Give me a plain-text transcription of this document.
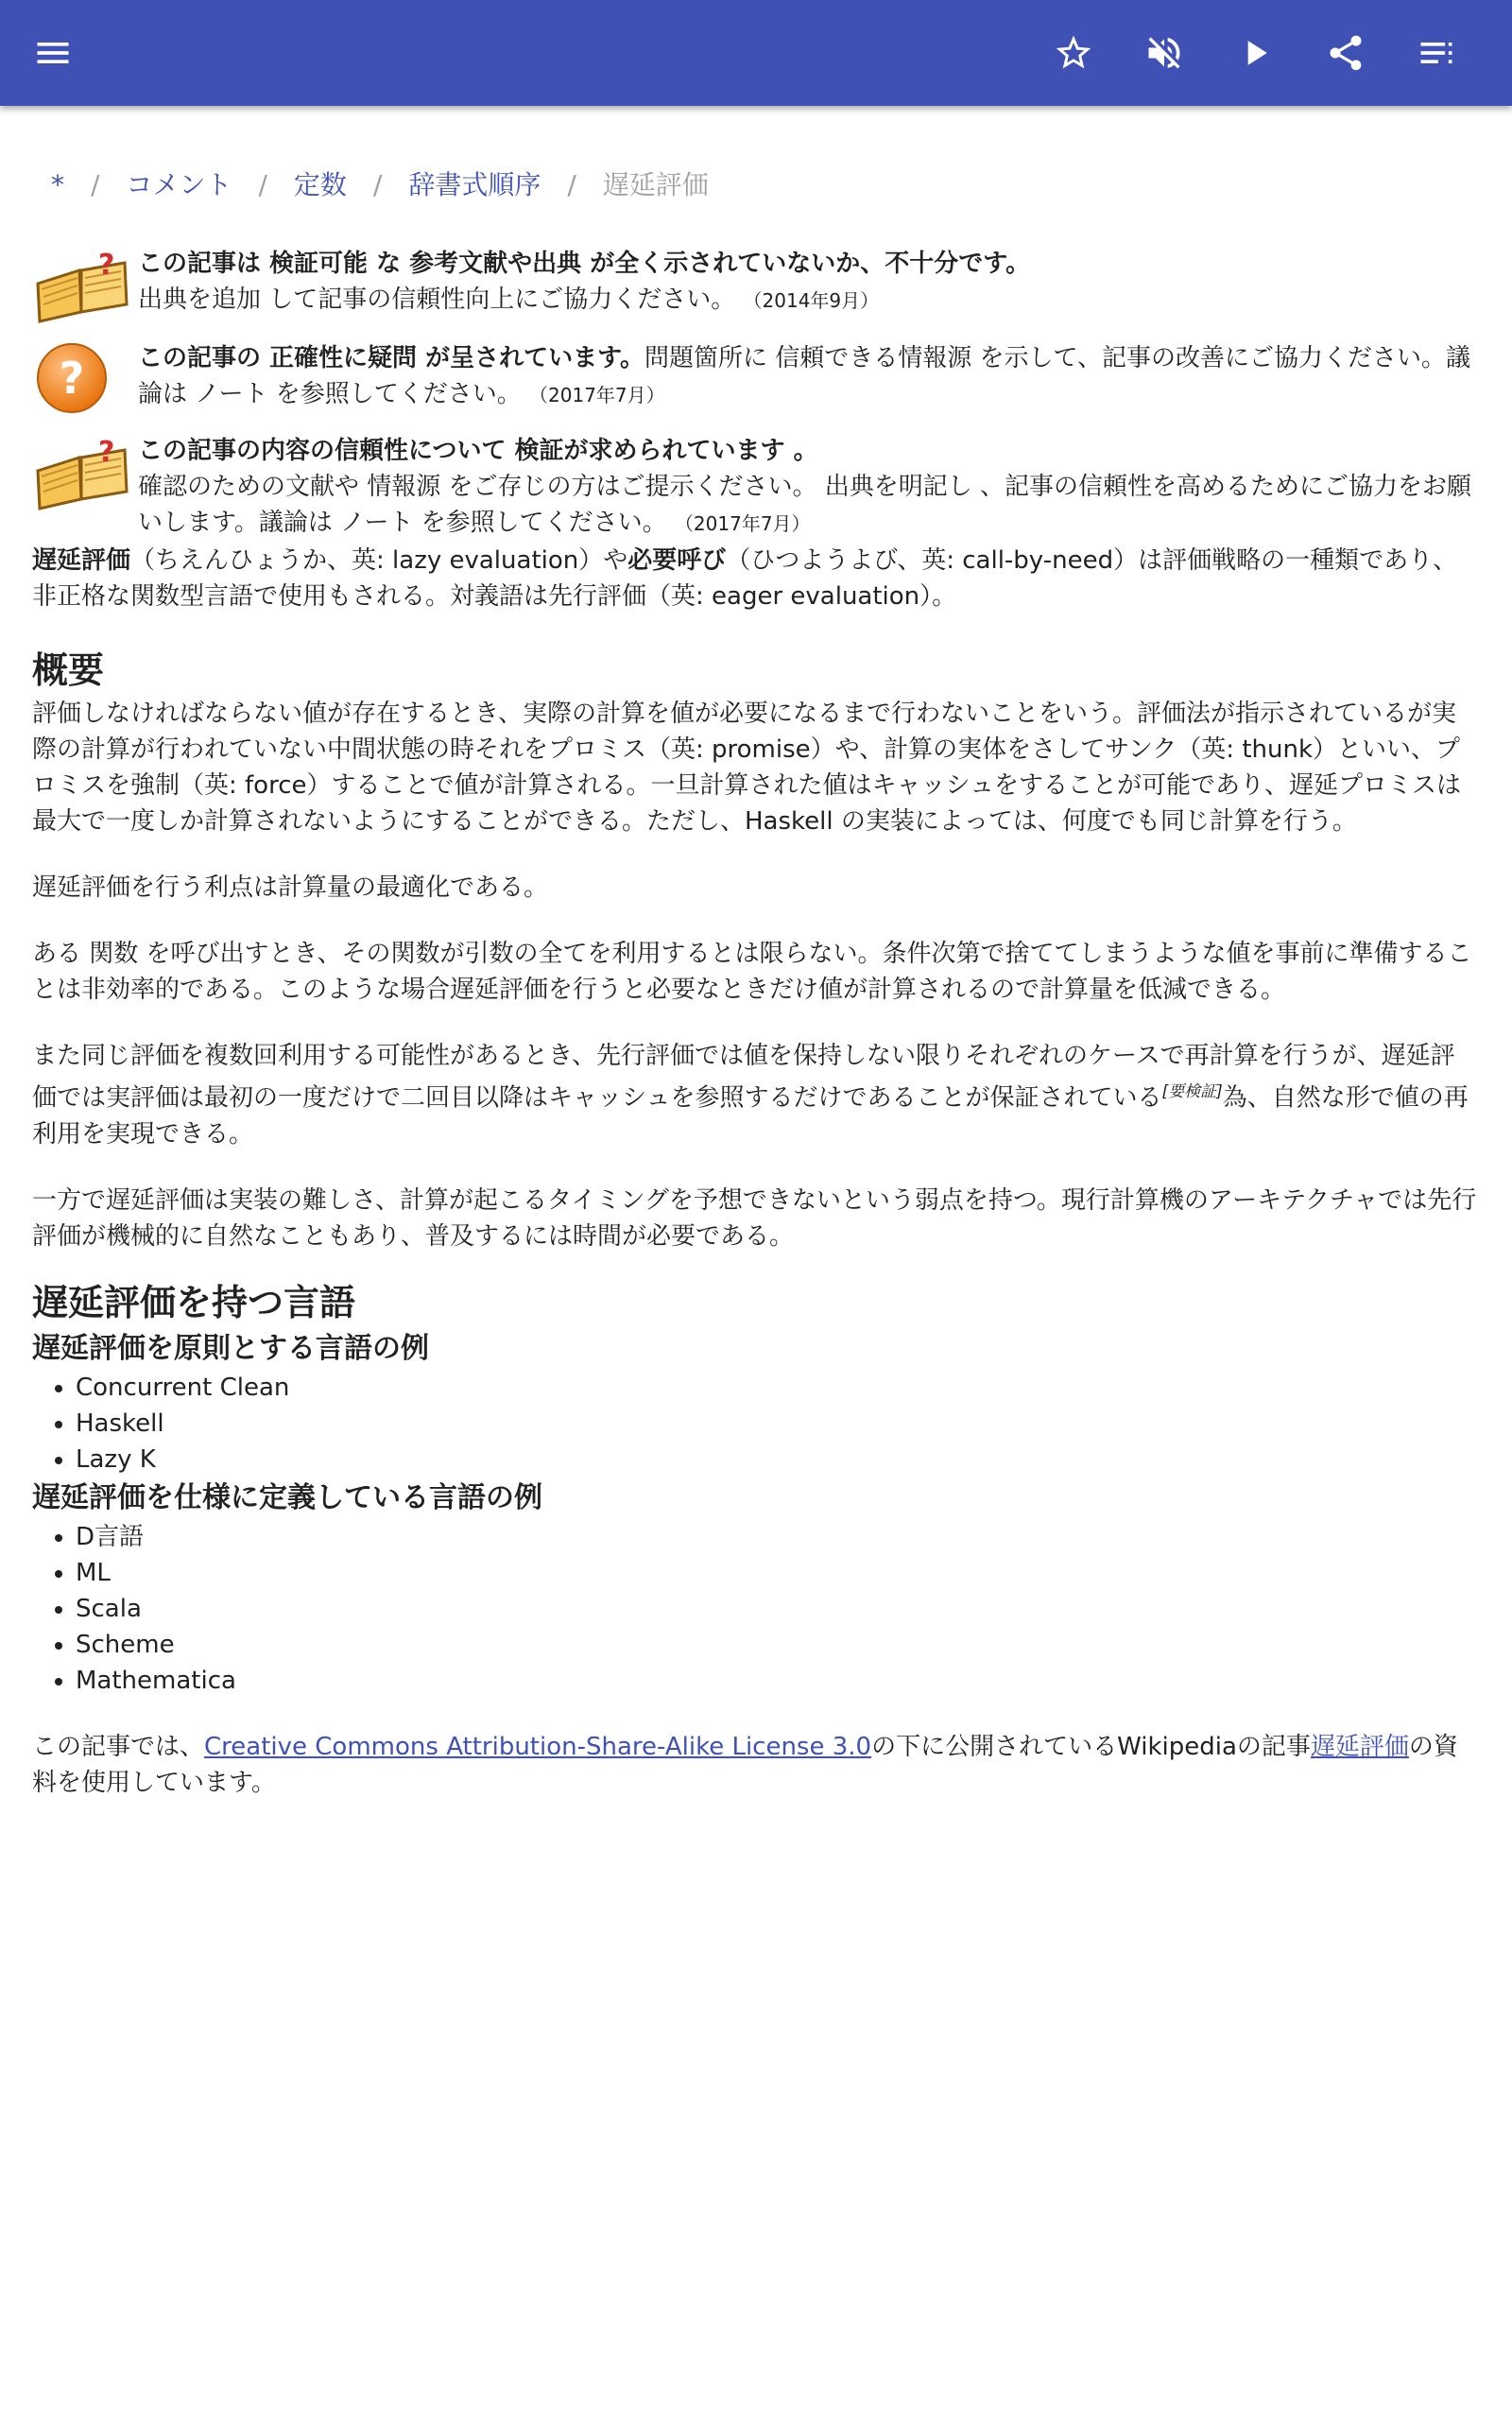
* / コメント / 定数 / 辞書式順序 / 遅延評価
? この記事は 検証可能 な 参考文献や出典 が全く示されていないか、不十分です。
出典を追加 して記事の信頼性向上にご協力ください。 （2014年9月）
? この記事の 正確性に疑問 が呈されています。問題箇所に 信頼できる情報源 を示して、記事の改善にご協力ください。議論は ノート を参照してください。 （2017年7月）
? この記事の内容の信頼性について 検証が求められています 。
確認のための文献や 情報源 をご存じの方はご提示ください。 出典を明記し 、記事の信頼性を高めるためにご協力をお願いします。議論は ノート を参照してください。 （2017年7月）

遅延評価（ちえんひょうか、英: lazy evaluation）や必要呼び（ひつようよび、英: call-by-need）は評価戦略の一種類であり、非正格な関数型言語で使用もされる。対義語は先行評価（英: eager evaluation）。

概要

評価しなければならない値が存在するとき、実際の計算を値が必要になるまで行わないことをいう。評価法が指示されているが実際の計算が行われていない中間状態の時それをプロミス（英: promise）や、計算の実体をさしてサンク（英: thunk）といい、プロミスを強制（英: force）することで値が計算される。一旦計算された値はキャッシュをすることが可能であり、遅延プロミスは最大で一度しか計算されないようにすることができる。ただし、Haskell の実装によっては、何度でも同じ計算を行う。

遅延評価を行う利点は計算量の最適化である。

ある 関数 を呼び出すとき、その関数が引数の全てを利用するとは限らない。条件次第で捨ててしまうような値を事前に準備することは非効率的である。このような場合遅延評価を行うと必要なときだけ値が計算されるので計算量を低減できる。

また同じ評価を複数回利用する可能性があるとき、先行評価では値を保持しない限りそれぞれのケースで再計算を行うが、遅延評価では実評価は最初の一度だけで二回目以降はキャッシュを参照するだけであることが保証されている[要検証]為、自然な形で値の再利用を実現できる。

一方で遅延評価は実装の難しさ、計算が起こるタイミングを予想できないという弱点を持つ。現行計算機のアーキテクチャでは先行評価が機械的に自然なこともあり、普及するには時間が必要である。

遅延評価を持つ言語
遅延評価を原則とする言語の例
• Concurrent Clean
• Haskell
• Lazy K
遅延評価を仕様に定義している言語の例
• D言語
• ML
• Scala
• Scheme
• Mathematica

この記事では、Creative Commons Attribution-Share-Alike License 3.0の下に公開されているWikipediaの記事遅延評価の資料を使用しています。
